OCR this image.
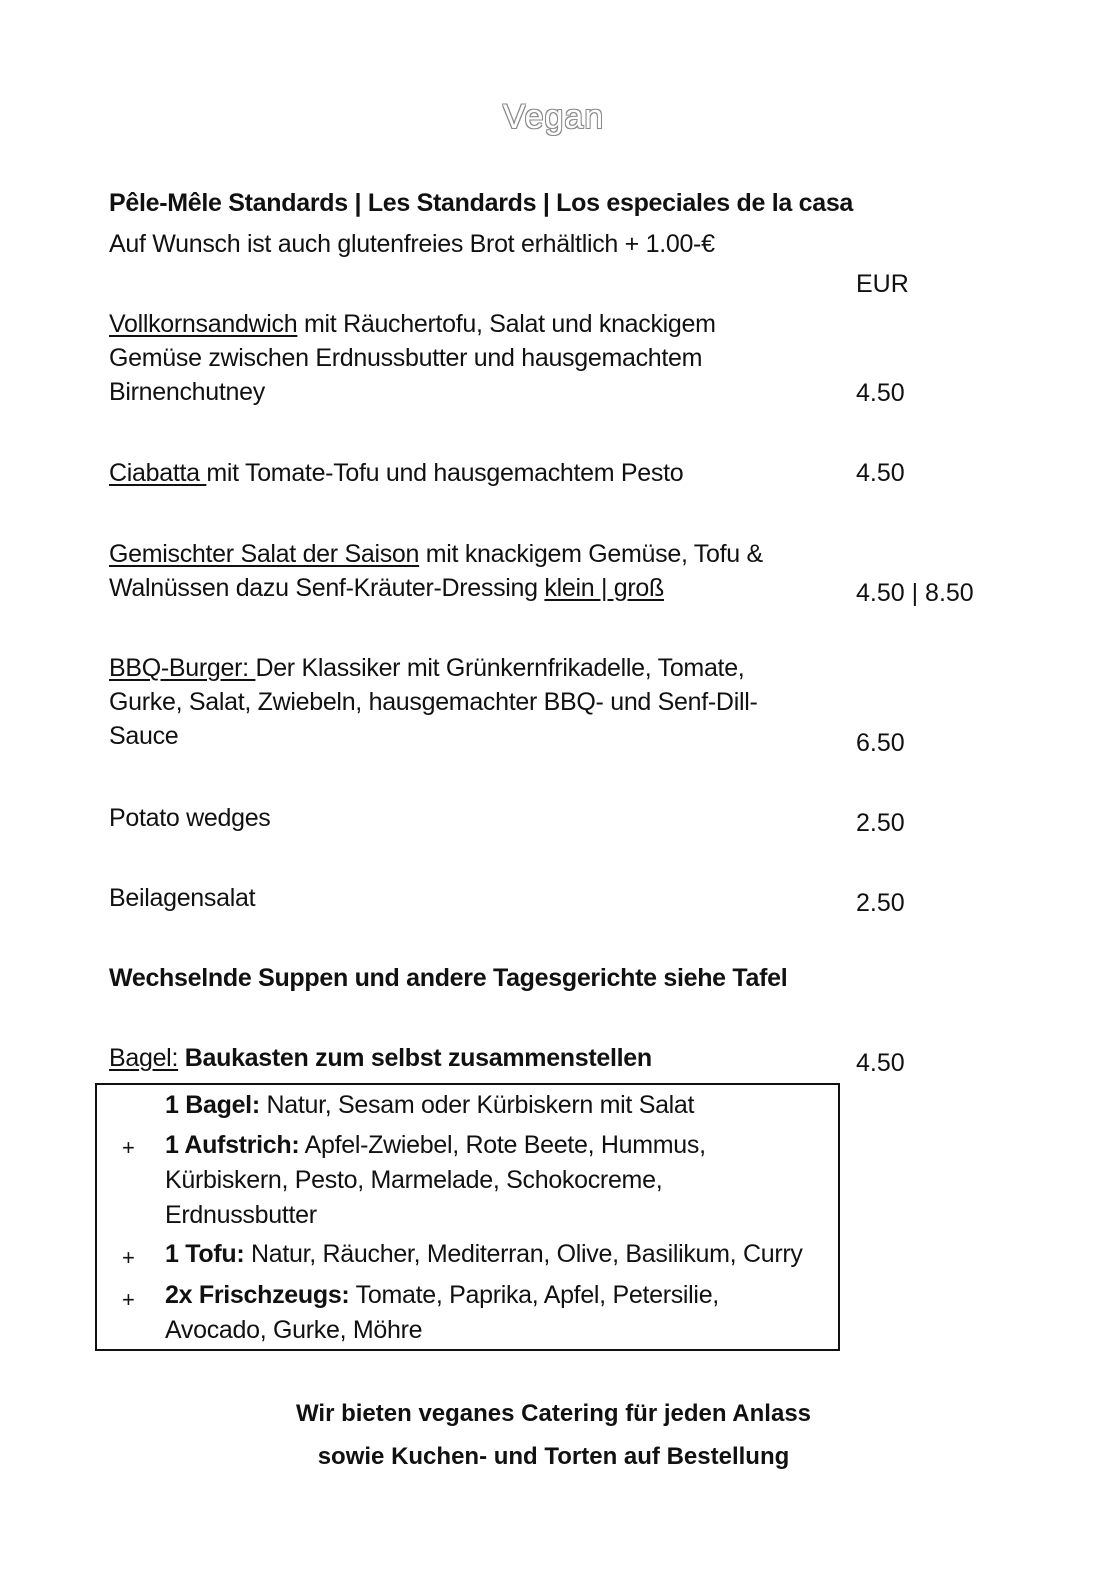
Vegan
Pêle-Mêle Standards | Les Standards | Los especiales de la casa
Auf Wunsch ist auch glutenfreies Brot erhältlich + 1.00-€
EUR
Vollkornsandwich mit Räuchertofu, Salat und knackigem
Gemüse zwischen Erdnussbutter und hausgemachtem
Birnenchutney	4.50
Ciabatta mit Tomate-Tofu und hausgemachtem Pesto	4.50
Gemischter Salat der Saison mit knackigem Gemüse, Tofu &
Walnüssen dazu Senf-Kräuter-Dressing klein | groß	4.50 | 8.50
BBQ-Burger: Der Klassiker mit Grünkernfrikadelle, Tomate,
Gurke, Salat, Zwiebeln, hausgemachter BBQ- und Senf-Dill-
Sauce	6.50
Potato wedges	2.50
Beilagensalat	2.50
Wechselnde Suppen und andere Tagesgerichte siehe Tafel
Bagel: Baukasten zum selbst zusammenstellen	4.50
1 Bagel: Natur, Sesam oder Kürbiskern mit Salat
+ 1 Aufstrich: Apfel-Zwiebel, Rote Beete, Hummus,
Kürbiskern, Pesto, Marmelade, Schokocreme,
Erdnussbutter
+ 1 Tofu: Natur, Räucher, Mediterran, Olive, Basilikum, Curry
+ 2x Frischzeugs: Tomate, Paprika, Apfel, Petersilie,
Avocado, Gurke, Möhre
Wir bieten veganes Catering für jeden Anlass
sowie Kuchen- und Torten auf Bestellung
